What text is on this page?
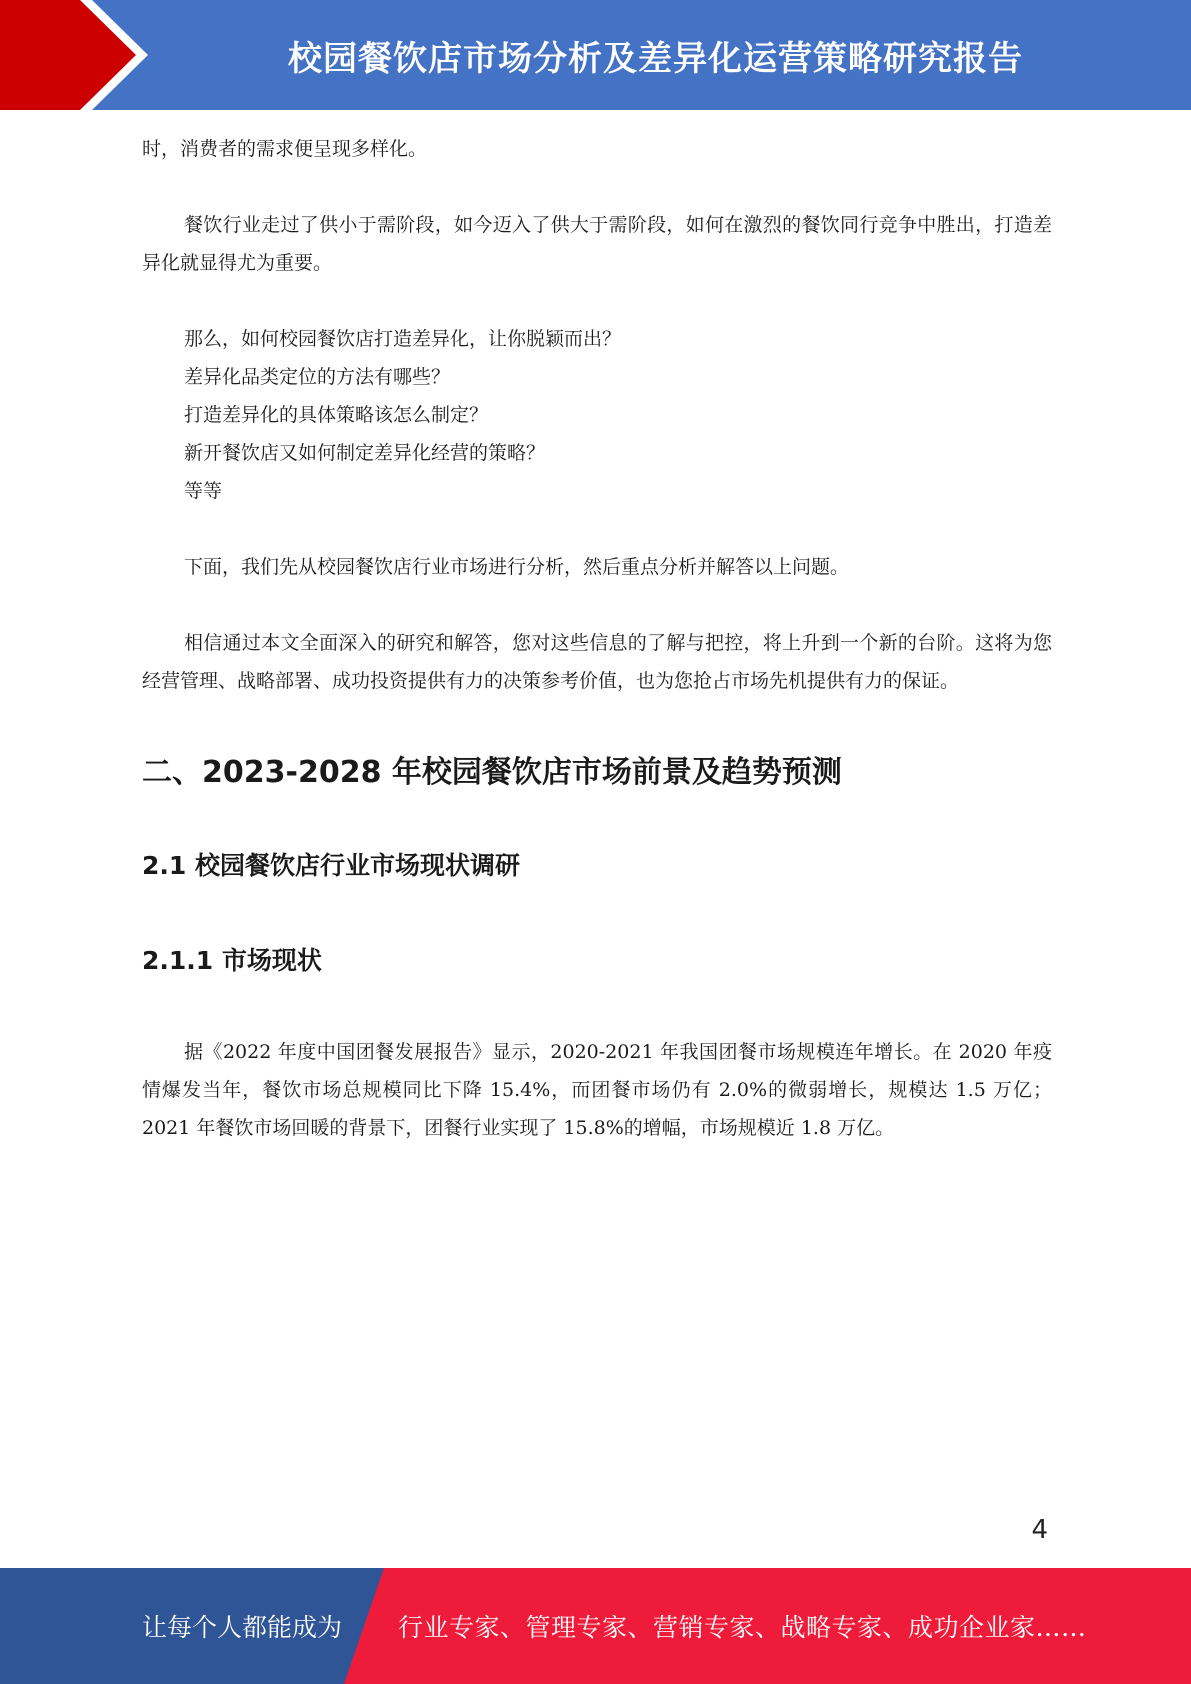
校园餐饮店市场分析及差异化运营策略研究报告

时，消费者的需求便呈现多样化。

餐饮行业走过了供小于需阶段，如今迈入了供大于需阶段，如何在激烈的餐饮同行竞争中胜出，打造差异化就显得尤为重要。

那么，如何校园餐饮店打造差异化，让你脱颖而出？
差异化品类定位的方法有哪些？
打造差异化的具体策略该怎么制定？
新开餐饮店又如何制定差异化经营的策略？
等等

下面，我们先从校园餐饮店行业市场进行分析，然后重点分析并解答以上问题。

相信通过本文全面深入的研究和解答，您对这些信息的了解与把控，将上升到一个新的台阶。这将为您经营管理、战略部署、成功投资提供有力的决策参考价值，也为您抢占市场先机提供有力的保证。

二、2023-2028 年校园餐饮店市场前景及趋势预测
2.1 校园餐饮店行业市场现状调研
2.1.1 市场现状

据《2022 年度中国团餐发展报告》显示，2020-2021 年我国团餐市场规模连年增长。在 2020 年疫情爆发当年，餐饮市场总规模同比下降 15.4%，而团餐市场仍有 2.0%的微弱增长，规模达 1.5 万亿；2021 年餐饮市场回暖的背景下，团餐行业实现了 15.8%的增幅，市场规模近 1.8 万亿。

4
让每个人都能成为 行业专家、管理专家、营销专家、战略专家、成功企业家……
